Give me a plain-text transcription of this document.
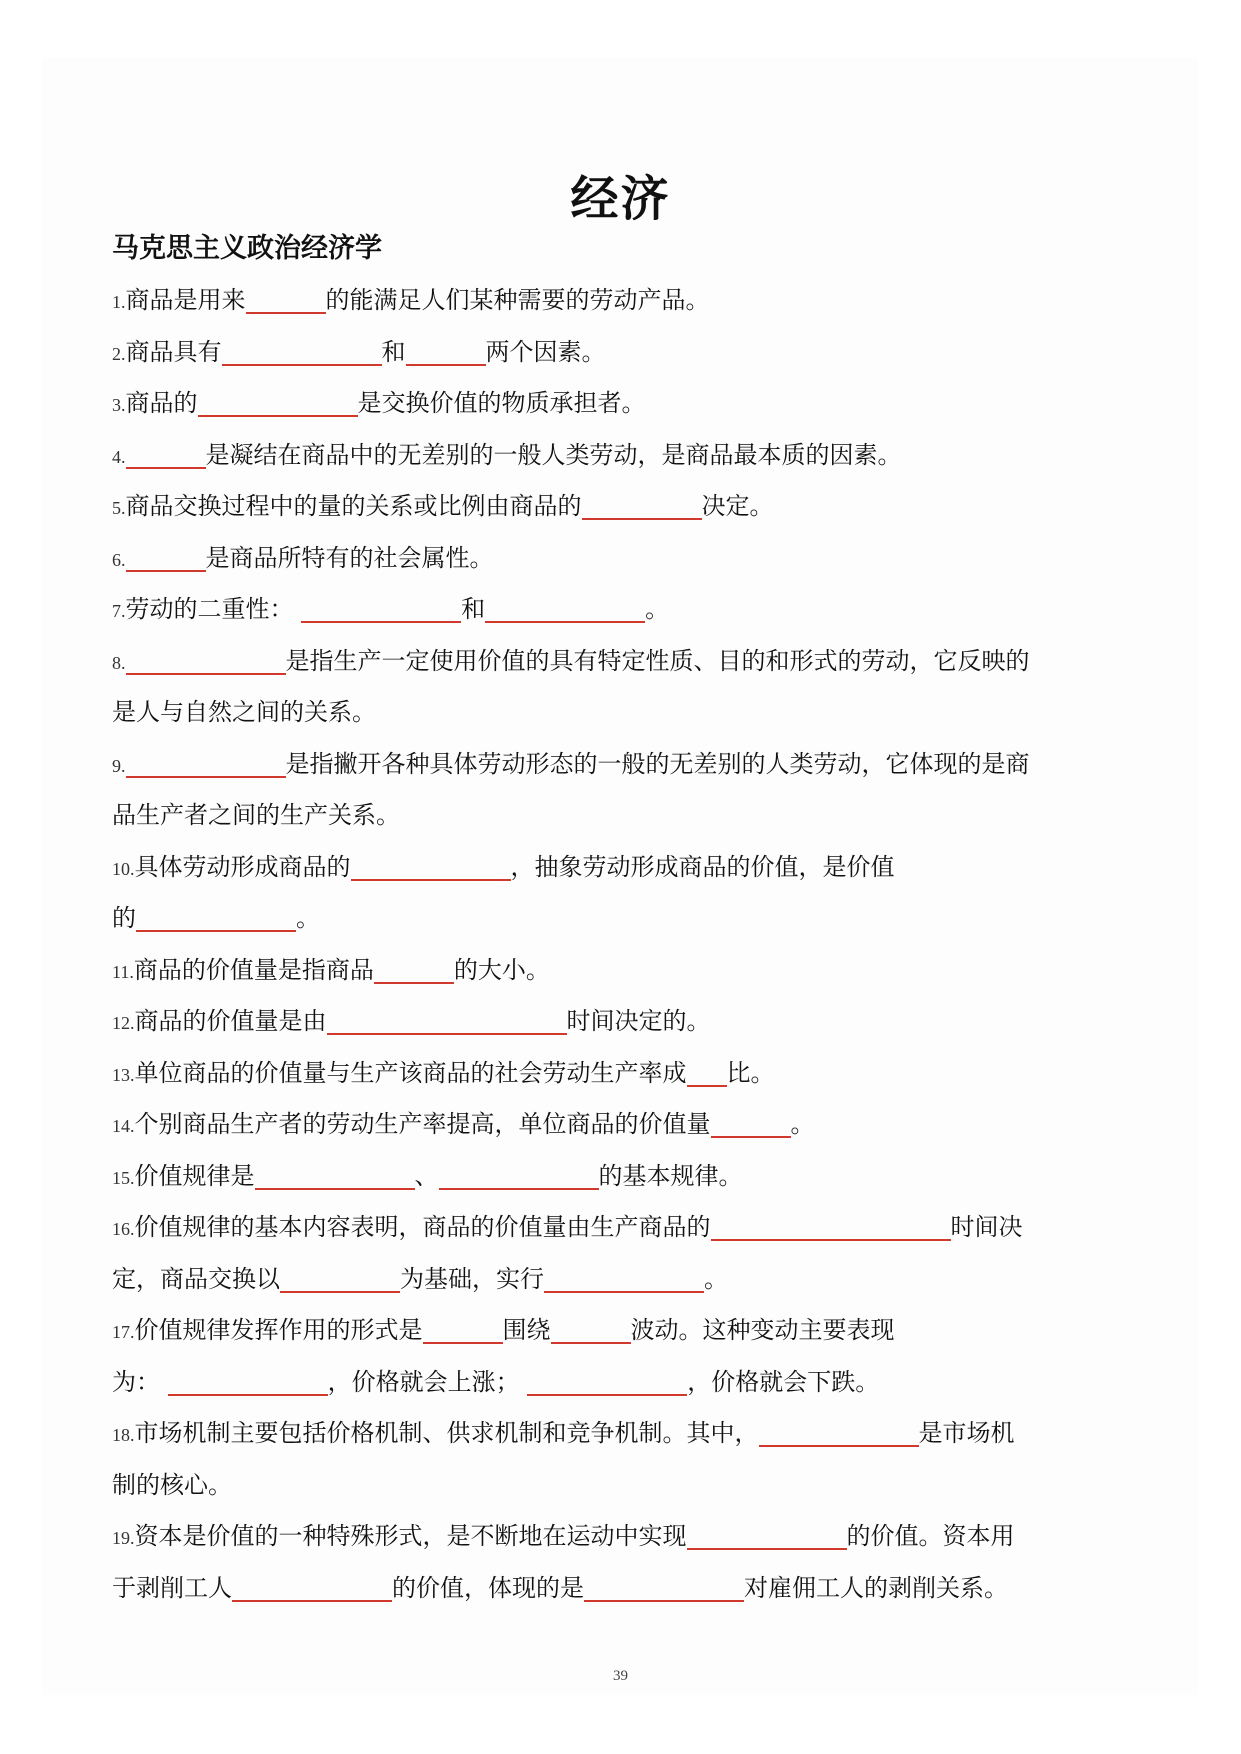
经济
马克思主义政治经济学
1.商品是用来	的能满足人们某种需要的劳动产品。
2.商品具有	和	两个因素。
3.商品的	是交换价值的物质承担者。
4.	是凝结在商品中的无差别的一般人类劳动，是商品最本质的因素。
5.商品交换过程中的量的关系或比例由商品的	决定。
6.	是商品所特有的社会属性。
7.劳动的二重性：	和	。
8.	是指生产一定使用价值的具有特定性质、目的和形式的劳动，它反映的
是人与自然之间的关系。
9.	是指撇开各种具体劳动形态的一般的无差别的人类劳动，它体现的是商
品生产者之间的生产关系。
10.具体劳动形成商品的	，抽象劳动形成商品的价值，是价值
的	。
11.商品的价值量是指商品	的大小。
12.商品的价值量是由	时间决定的。
13.单位商品的价值量与生产该商品的社会劳动生产率成 比。
14.个别商品生产者的劳动生产率提高，单位商品的价值量	。
15.价值规律是	、	的基本规律。
16.价值规律的基本内容表明，商品的价值量由生产商品的	时间决
定，商品交换以	为基础，实行	。
17.价值规律发挥作用的形式是	围绕	波动。这种变动主要表现
为：	，价格就会上涨；	，价格就会下跌。
18.市场机制主要包括价格机制、供求机制和竞争机制。其中，	是市场机
制的核心。
19.资本是价值的一种特殊形式，是不断地在运动中实现	的价值。资本用
于剥削工人	的价值，体现的是	对雇佣工人的剥削关系。
39
